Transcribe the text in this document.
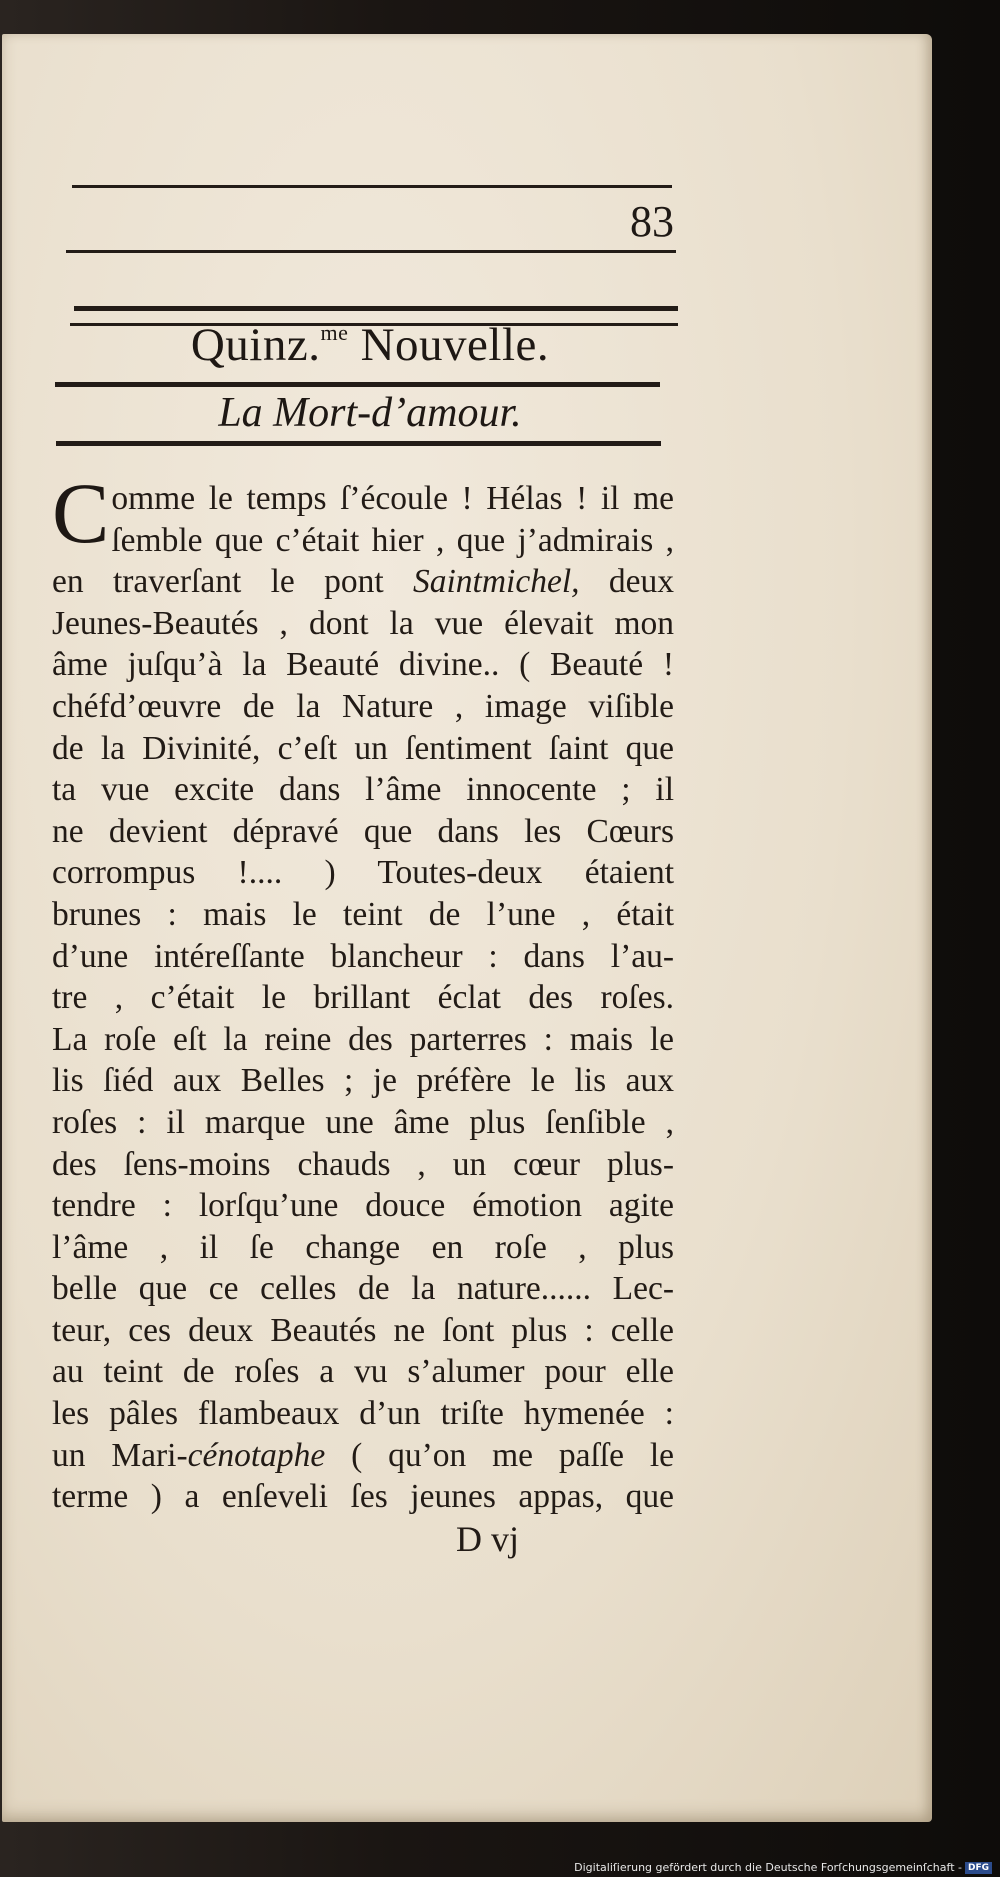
83
Quinz.$^{me}$ Nouvelle.
La Mort-d’amour.
C omme le temps ſ’écoule ! Hélas ! il me
ſemble que c’était hier , que j’admirais ,
en traverſant le pont Saintmichel, deux
Jeunes-Beautés , dont la vue élevait mon
âme juſqu’à la Beauté divine.. ( Beauté !
chéfd’œuvre de la Nature , image viſible
de la Divinité, c’eſt un ſentiment ſaint que
ta vue excite dans l’âme innocente ; il
ne devient dépravé que dans les Cœurs
corrompus !.... ) Toutes-deux étaient
brunes : mais le teint de l’une , était
d’une intéreſſante blancheur : dans l’au-
tre , c’était le brillant éclat des roſes.
La roſe eſt la reine des parterres : mais le
lis ſiéd aux Belles ; je préfère le lis aux
roſes : il marque une âme plus ſenſible ,
des ſens-moins chauds , un cœur plus-
tendre : lorſqu’une douce émotion agite
l’âme , il ſe change en roſe , plus
belle que ce celles de la nature...... Lec-
teur, ces deux Beautés ne ſont plus : celle
au teint de roſes a vu s’alumer pour elle
les pâles flambeaux d’un triſte hymenée :
un Mari-cénotaphe ( qu’on me paſſe le
terme ) a enſeveli ſes jeunes appas, que
D vj
Digitaliſierung gefördert durch die Deutsche Forſchungsgemeinſchaft - DFG
